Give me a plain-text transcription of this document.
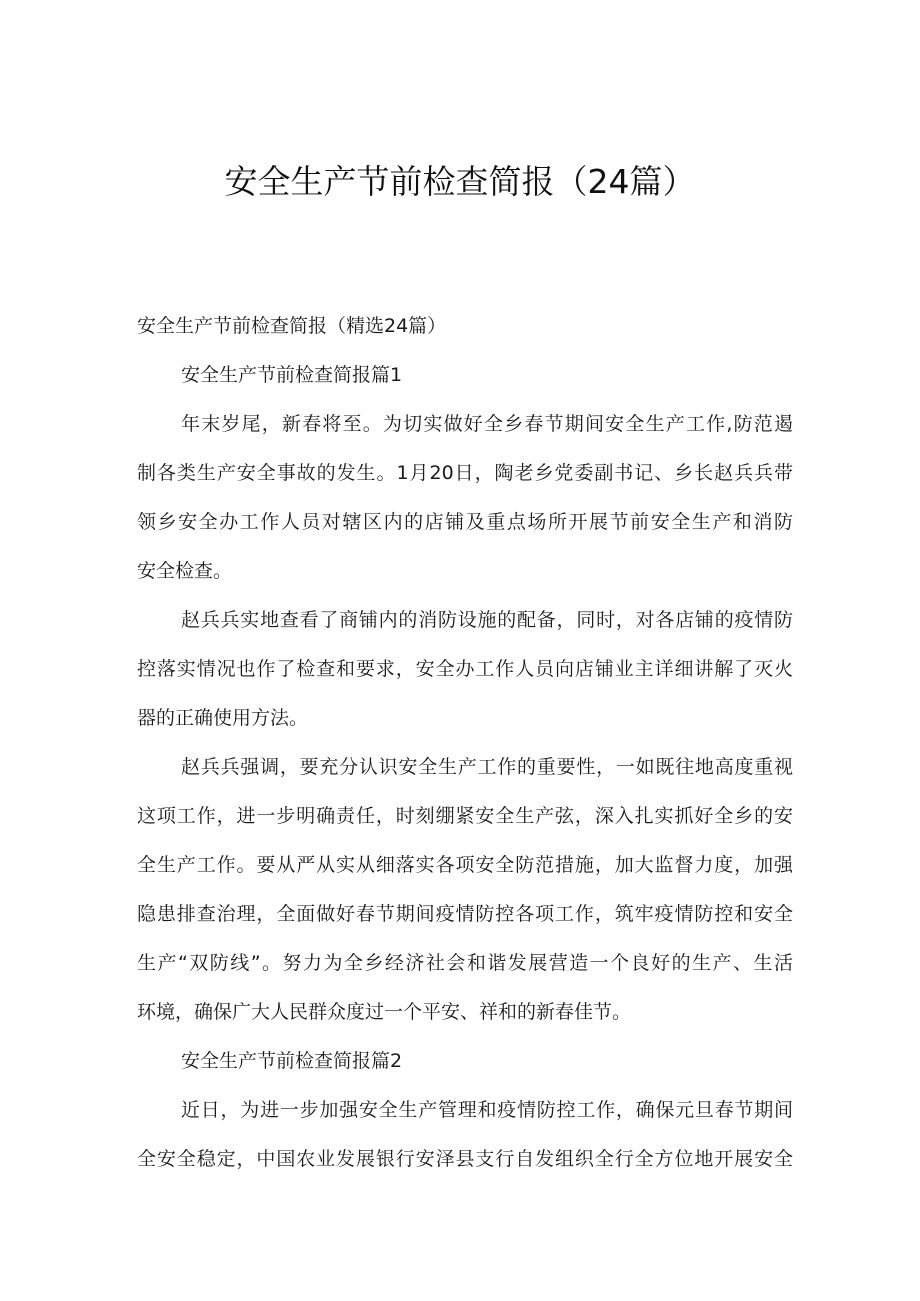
安全生产节前检查简报（24篇）
安全生产节前检查简报（精选24篇）
安全生产节前检查简报篇1
年末岁尾，新春将至。为切实做好全乡春节期间安全生产工作,防范遏
制各类生产安全事故的发生。1月20日，陶老乡党委副书记、乡长赵兵兵带
领乡安全办工作人员对辖区内的店铺及重点场所开展节前安全生产和消防
安全检查。
赵兵兵实地查看了商铺内的消防设施的配备，同时，对各店铺的疫情防
控落实情况也作了检查和要求，安全办工作人员向店铺业主详细讲解了灭火
器的正确使用方法。
赵兵兵强调，要充分认识安全生产工作的重要性，一如既往地高度重视
这项工作，进一步明确责任，时刻绷紧安全生产弦，深入扎实抓好全乡的安
全生产工作。要从严从实从细落实各项安全防范措施，加大监督力度，加强
隐患排查治理，全面做好春节期间疫情防控各项工作，筑牢疫情防控和安全
生产“双防线”。努力为全乡经济社会和谐发展营造一个良好的生产、生活
环境，确保广大人民群众度过一个平安、祥和的新春佳节。
安全生产节前检查简报篇2
近日，为进一步加强安全生产管理和疫情防控工作，确保元旦春节期间
全安全稳定，中国农业发展银行安泽县支行自发组织全行全方位地开展安全
